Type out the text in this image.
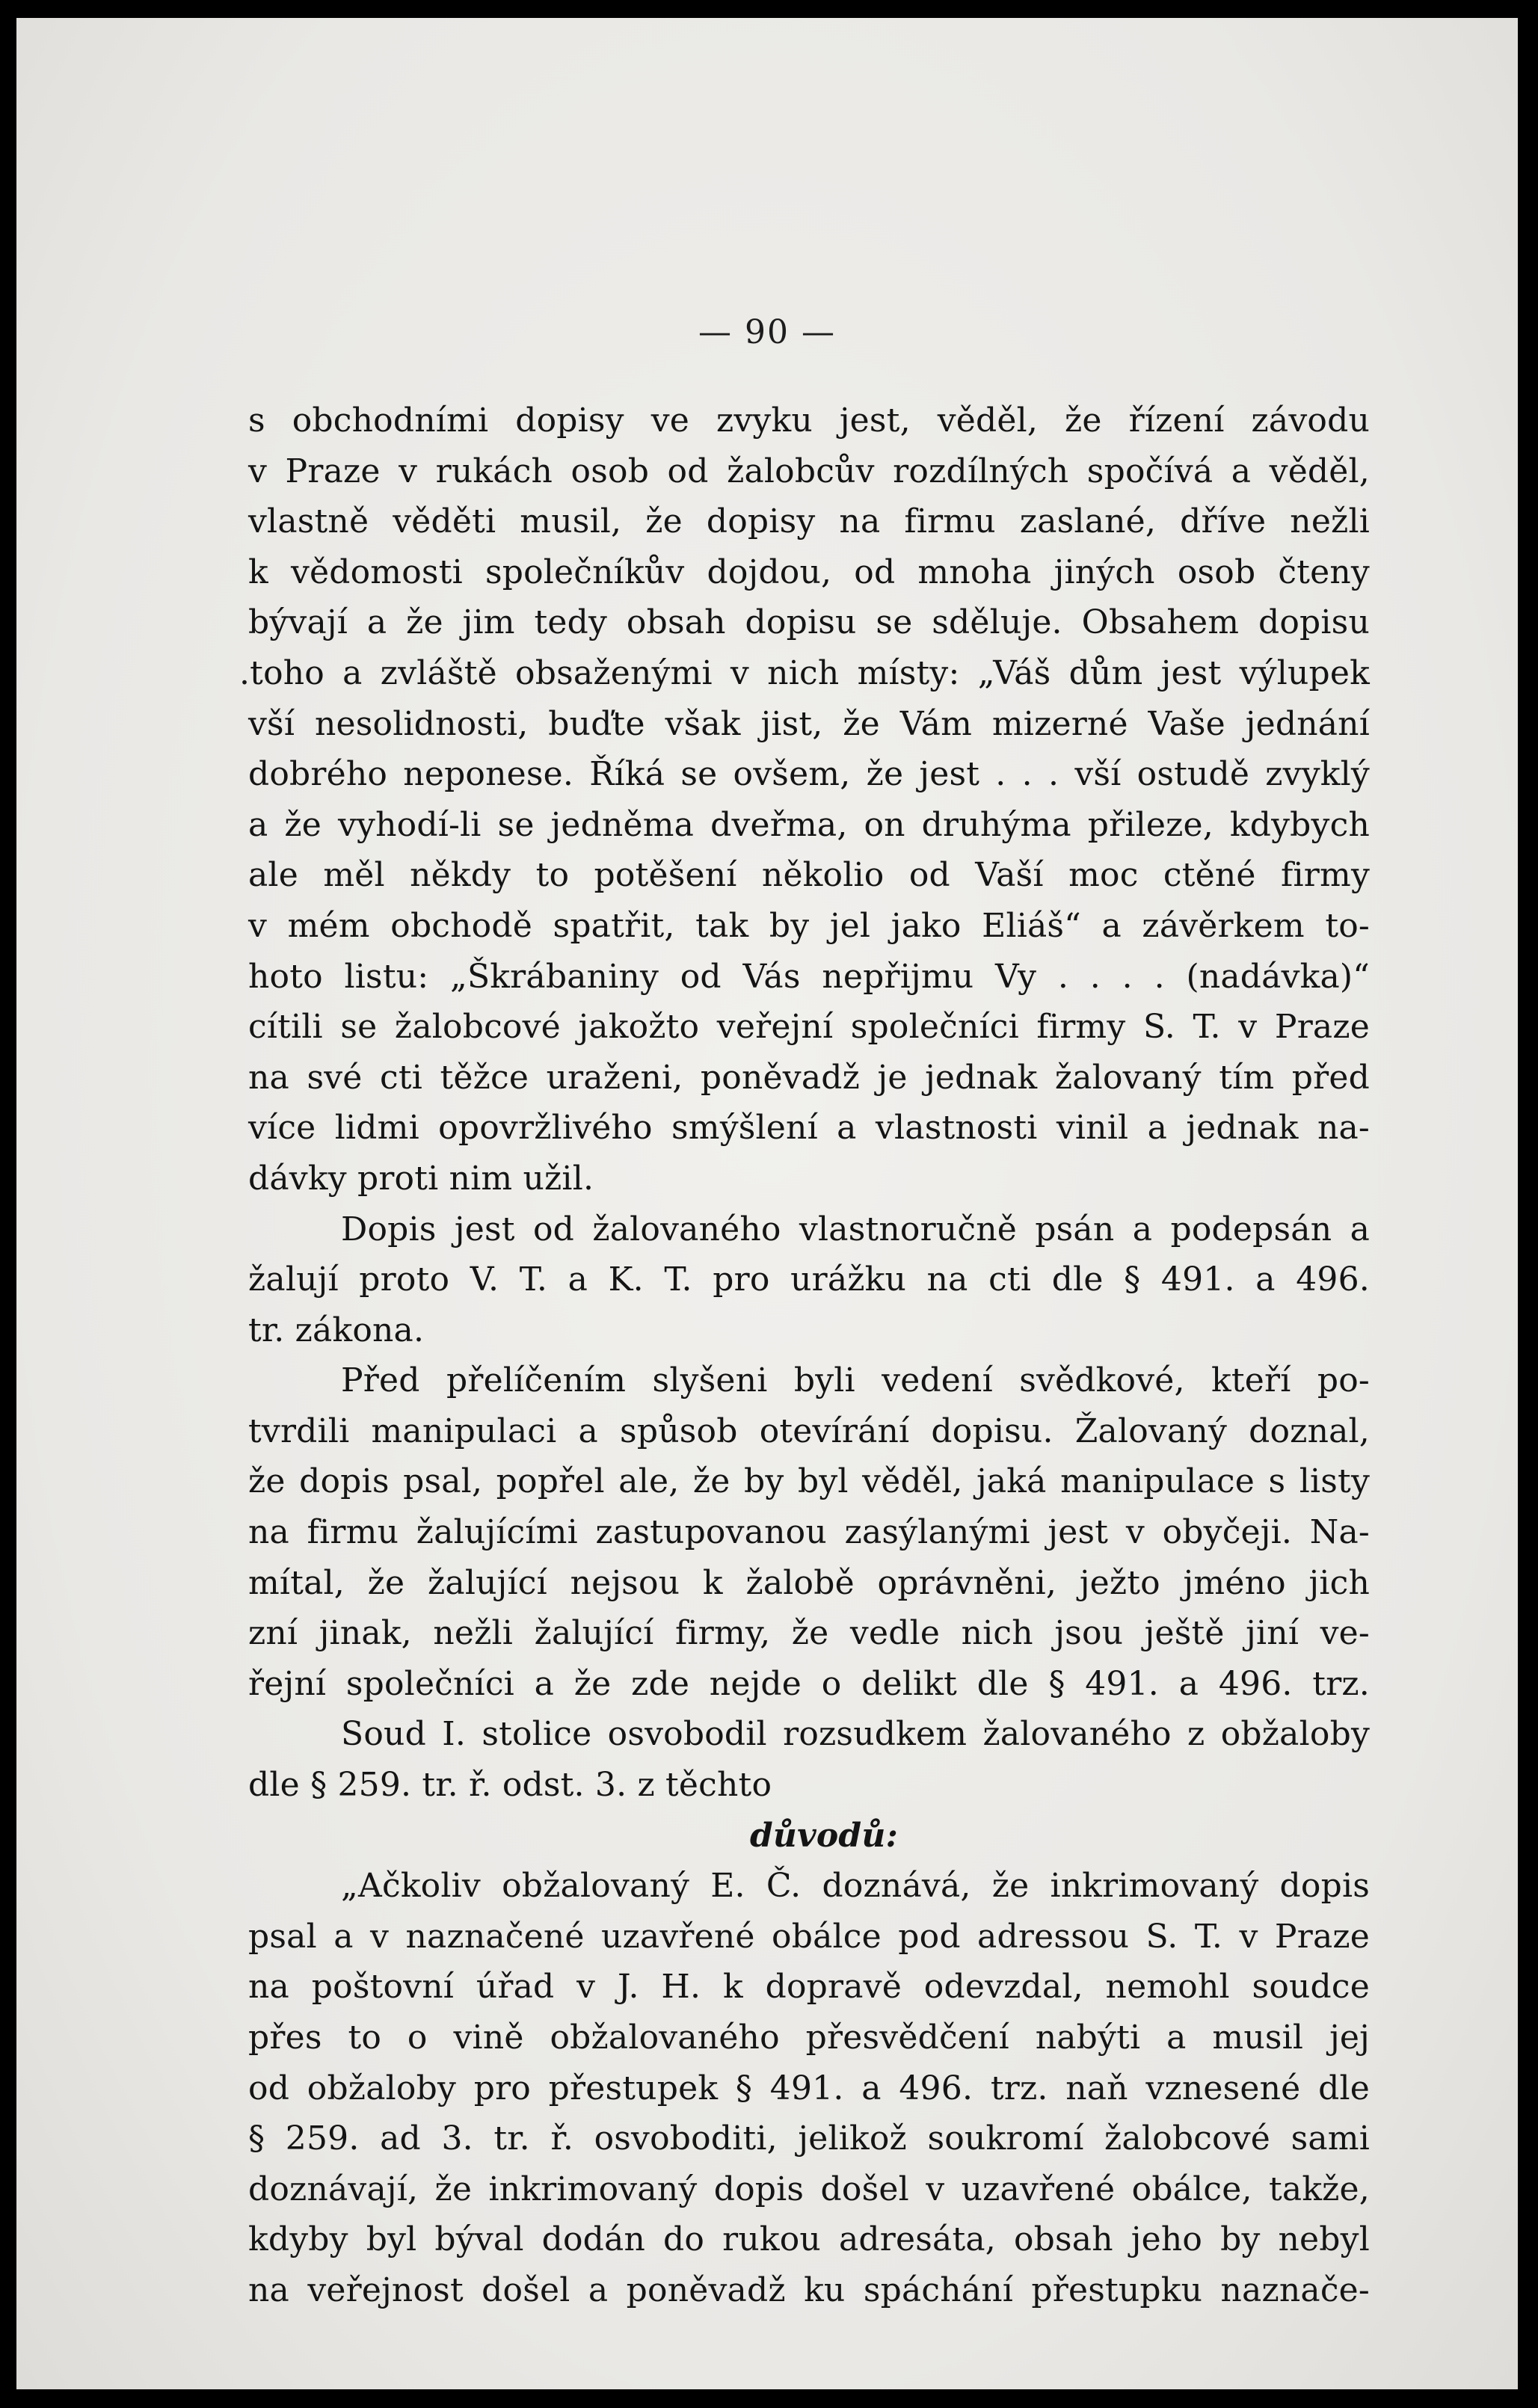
— 90 —
s obchodními dopisy ve zvyku jest, věděl, že řízení závodu
v Praze v rukách osob od žalobcův rozdílných spočívá a věděl,
vlastně věděti musil, že dopisy na firmu zaslané, dříve nežli
k vědomosti společníkův dojdou, od mnoha jiných osob čteny
bývají a že jim tedy obsah dopisu se sděluje. Obsahem dopisu
.toho a zvláště obsaženými v nich místy: „Váš dům jest výlupek
vší nesolidnosti, buďte však jist, že Vám mizerné Vaše jednání
dobrého neponese. Říká se ovšem, že jest . . . vší ostudě zvyklý
a že vyhodí-li se jedněma dveřma, on druhýma přileze, kdybych
ale měl někdy to potěšení několio od Vaší moc ctěné firmy
v mém obchodě spatřit, tak by jel jako Eliáš“ a závěrkem to-
hoto listu: „Škrábaniny od Vás nepřijmu Vy . . . . (nadávka)“
cítili se žalobcové jakožto veřejní společníci firmy S. T. v Praze
na své cti těžce uraženi, poněvadž je jednak žalovaný tím před
více lidmi opovržlivého smýšlení a vlastnosti vinil a jednak na-
dávky proti nim užil.
Dopis jest od žalovaného vlastnoručně psán a podepsán a
žalují proto V. T. a K. T. pro urážku na cti dle § 491. a 496.
tr. zákona.
Před přelíčením slyšeni byli vedení svědkové, kteří po-
tvrdili manipulaci a spůsob otevírání dopisu. Žalovaný doznal,
že dopis psal, popřel ale, že by byl věděl, jaká manipulace s listy
na firmu žalujícími zastupovanou zasýlanými jest v obyčeji. Na-
mítal, že žalující nejsou k žalobě oprávněni, ježto jméno jich
zní jinak, nežli žalující firmy, že vedle nich jsou ještě jiní ve-
řejní společníci a že zde nejde o delikt dle § 491. a 496. trz.
Soud I. stolice osvobodil rozsudkem žalovaného z obžaloby
dle § 259. tr. ř. odst. 3. z těchto
důvodů:
„Ačkoliv obžalovaný E. Č. doznává, že inkrimovaný dopis
psal a v naznačené uzavřené obálce pod adressou S. T. v Praze
na poštovní úřad v J. H. k dopravě odevzdal, nemohl soudce
přes to o vině obžalovaného přesvědčení nabýti a musil jej
od obžaloby pro přestupek § 491. a 496. trz. naň vznesené dle
§ 259. ad 3. tr. ř. osvoboditi, jelikož soukromí žalobcové sami
doznávají, že inkrimovaný dopis došel v uzavřené obálce, takže,
kdyby byl býval dodán do rukou adresáta, obsah jeho by nebyl
na veřejnost došel a poněvadž ku spáchání přestupku naznače-
